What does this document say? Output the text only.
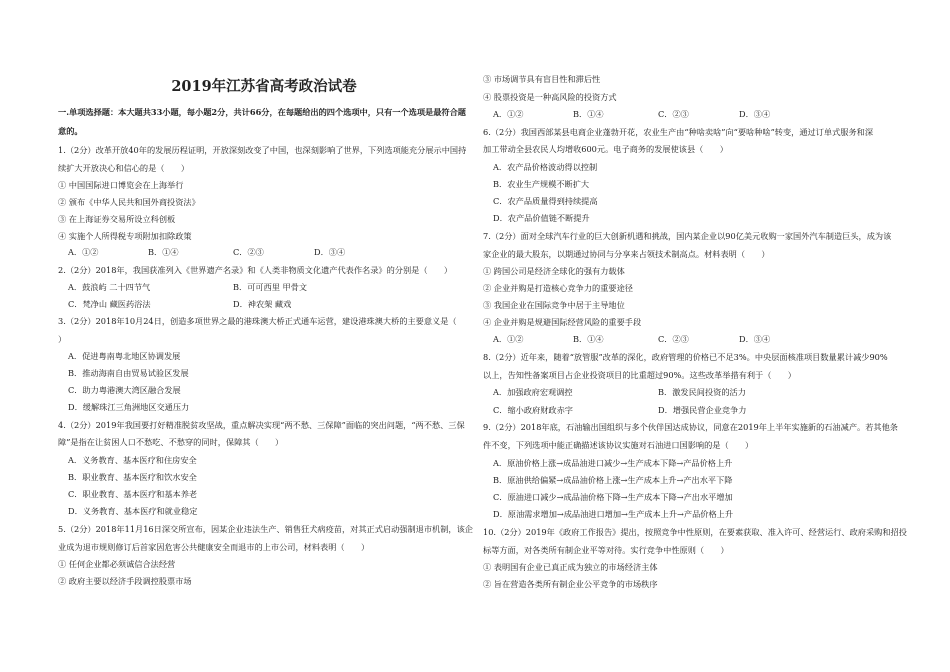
2019年江苏省高考政治试卷
一.单项选择题：本大题共33小题，每小题2分，共计66分，在每题给出的四个选项中，只有一个选项是最符合题
意的。
1.（2分）改革开放40年的发展历程证明，开放深刻改变了中国，也深刻影响了世界，下列选项能充分展示中国持
续扩大开放决心和信心的是（　　）
① 中国国际进口博览会在上海举行
② 颁布《中华人民共和国外商投资法》
③ 在上海证券交易所设立科创板
④ 实施个人所得税专项附加扣除政策
A．①②	B．①④	C．②③	D．③④
2.（2分）2018年，我国获准列入《世界遗产名录》和《人类非物质文化遗产代表作名录》的分别是（　　）
A．鼓浪屿 二十四节气	B．可可西里 甲骨文
C．梵净山 藏医药浴法	D．神农架 藏戏
3.（2分）2018年10月24日，创造多项世界之最的港珠澳大桥正式通车运营，建设港珠澳大桥的主要意义是（
）
A．促进粤南粤北地区协调发展
B．推动海南自由贸易试验区发展
C．助力粤港澳大湾区融合发展
D．缓解珠江三角洲地区交通压力
4.（2分）2019年我国要打好精准脱贫攻坚战，重点解决实现“两不愁、三保障”面临的突出问题，“两不愁、三保
障”是指在让贫困人口不愁吃、不愁穿的同时，保障其（　　）
A．义务教育、基本医疗和住房安全
B．职业教育、基本医疗和饮水安全
C．职业教育、基本医疗和基本养老
D．义务教育、基本医疗和就业稳定
5.（2分）2018年11月16日深交所宣布，因某企业违法生产、销售狂犬病疫苗，对其正式启动强制退市机制，该企
业成为退市规则修订后首家因危害公共健康安全而退市的上市公司，材料表明（　　）
① 任何企业都必须诚信合法经营
② 政府主要以经济手段调控股票市场
③ 市场调节具有盲目性和滞后性
④ 股票投资是一种高风险的投资方式
A．①②	B．①④	C．②③	D．③④
6.（2分）我国西部某县电商企业蓬勃开花，农业生产由“种啥卖啥”向“要啥种啥”转变，通过订单式服务和深
加工带动全县农民人均增收600元。电子商务的发展使该县（　　）
A．农产品价格波动得以控制
B．农业生产规模不断扩大
C．农产品质量得到持续提高
D．农产品价值链不断提升
7.（2分）面对全球汽车行业的巨大创新机遇和挑战，国内某企业以90亿美元收购一家国外汽车制造巨头，成为该
家企业的最大股东，以期通过协同与分享来占领技术制高点。材料表明（　　）
① 跨国公司是经济全球化的强有力载体
② 企业并购是打造核心竞争力的重要途径
③ 我国企业在国际竞争中居于主导地位
④ 企业并购是规避国际经营风险的重要手段
A．①②	B．①④	C．②③	D．③④
8.（2分）近年来，随着“放管服”改革的深化，政府管理的价格已不足3%。中央层面核准项目数量累计减少90%
以上，告知性备案项目占企业投资项目的比重超过90%。这些改革举措有利于（　　）
A．加强政府宏观调控	B．激发民间投资的活力
C．缩小政府财政赤字	D．增强民营企业竞争力
9.（2分）2018年底，石油输出国组织与多个伙伴国达成协议，同意在2019年上半年实施新的石油减产。若其他条
件不变，下列选项中能正确描述该协议实施对石油进口国影响的是（　　）
A．原油价格上涨→成品油进口减少→生产成本下降→产品价格上升
B．原油供给偏紧→成品油价格上涨→生产成本上升→产出水平下降
C．原油进口减少→成品油价格下降→生产成本下降→产出水平增加
D．原油需求增加→成品油进口增加→生产成本上升→产品价格上升
10.（2分）2019年《政府工作报告》提出，按照竞争中性原则，在要素获取、准入许可、经营运行、政府采购和招投
标等方面，对各类所有制企业平等对待。实行竞争中性原则（　　）
① 表明国有企业已真正成为独立的市场经济主体
② 旨在营造各类所有制企业公平竞争的市场秩序
